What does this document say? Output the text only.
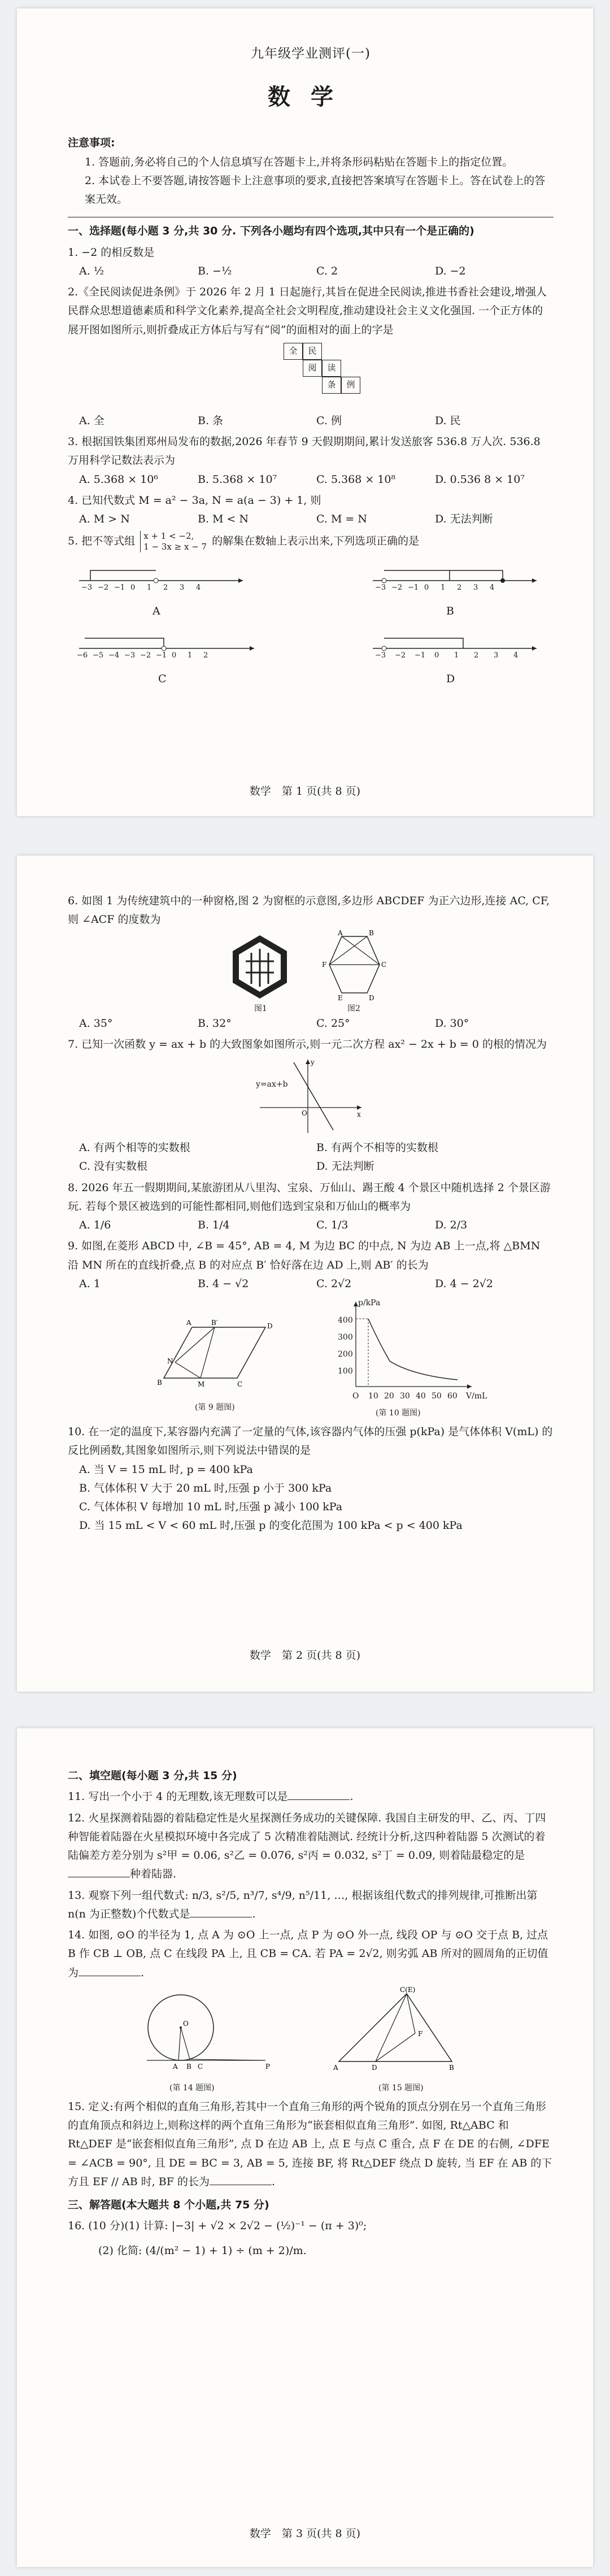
九年级学业测评(一)
数学
注意事项:
1. 答题前,务必将自己的个人信息填写在答题卡上,并将条形码粘贴在答题卡上的指定位置。
2. 本试卷上不要答题,请按答题卡上注意事项的要求,直接把答案填写在答题卡上。答在试卷上的答案无效。
一、选择题(每小题 3 分,共 30 分. 下列各小题均有四个选项,其中只有一个是正确的)
1. −2 的相反数是
A. ½	B. −½	C. 2	D. −2
2.《全民阅读促进条例》于 2026 年 2 月 1 日起施行,其旨在促进全民阅读,推进书香社会建设,增强人民群众思想道德素质和科学文化素养,提高全社会文明程度,推动建设社会主义文化强国. 一个正方体的展开图如图所示,则折叠成正方体后与写有“阅”的面相对的面上的字是
全	民
阅	读
条	例
A. 全	B. 条	C. 例	D. 民
3. 根据国铁集团郑州局发布的数据,2026 年春节 9 天假期期间,累计发送旅客 536.8 万人次. 536.8 万用科学记数法表示为
A. 5.368 × 10⁶	B. 5.368 × 10⁷	C. 5.368 × 10⁸	D. 0.536 8 × 10⁷
4. 已知代数式 M = a² − 3a, N = a(a − 3) + 1, 则
A. M > N	B. M < N	C. M = N	D. 无法判断
5. 把不等式组 x + 1 < −2,
1 − 3x ≥ x − 7 的解集在数轴上表示出来,下列选项正确的是
−3 −2 −1 0 1 2 3 4	−3 −2 −1 0 1 2 3 4
−6 −5 −4 −3 −2 −1 0 1 2	−3 −2 −1 0 1 2 3 4
A	B
C	D
数学　第 1 页(共 8 页)
6. 如图 1 为传统建筑中的一种窗格,图 2 为窗框的示意图,多边形 ABCDEF 为正六边形,连接 AC, CF, 则 ∠ACF 的度数为
图1
A	B
C
D
E
F
图2
A. 35°	B. 32°	C. 25°	D. 30°
7. 已知一次函数 y = ax + b 的大致图象如图所示,则一元二次方程 ax² − 2x + b = 0 的根的情况为
O
y
x
y=ax+b
A. 有两个相等的实数根	B. 有两个不相等的实数根
C. 没有实数根	D. 无法判断
8. 2026 年五一假期期间,某旅游团从八里沟、宝泉、万仙山、踢王酸 4 个景区中随机选择 2 个景区游玩. 若每个景区被选到的可能性都相同,则他们选到宝泉和万仙山的概率为
A. 1/6	B. 1/4	C. 1/3	D. 2/3
9. 如图,在菱形 ABCD 中, ∠B = 45°, AB = 4, M 为边 BC 的中点, N 为边 AB 上一点,将 △BMN 沿 MN 所在的直线折叠,点 B 的对应点 B′ 恰好落在边 AD 上,则 AB′ 的长为
A. 1	B. 4 − √2	C. 2√2	D. 4 − 2√2
B	M	C
D
A	B′
N
(第 9 题图)
p/kPa
V/mL
400
300
200
100
O 10 20 30 40 50 60
(第 10 题图)
10. 在一定的温度下,某容器内充满了一定量的气体,该容器内气体的压强 p(kPa) 是气体体积 V(mL) 的反比例函数,其图象如图所示,则下列说法中错误的是
A. 当 V = 15 mL 时, p = 400 kPa
B. 气体体积 V 大于 20 mL 时,压强 p 小于 300 kPa
C. 气体体积 V 每增加 10 mL 时,压强 p 减小 100 kPa
D. 当 15 mL < V < 60 mL 时,压强 p 的变化范围为 100 kPa < p < 400 kPa
数学　第 2 页(共 8 页)
二、填空题(每小题 3 分,共 15 分)
11. 写出一个小于 4 的无理数,该无理数可以是	.
12. 火星探测着陆器的着陆稳定性是火星探测任务成功的关键保障. 我国自主研发的甲、乙、丙、丁四种智能着陆器在火星模拟环境中各完成了 5 次精准着陆测试. 经统计分析,这四种着陆器 5 次测试的着陆偏差方差分别为 s²甲 = 0.06, s²乙 = 0.076, s²丙 = 0.032, s²丁 = 0.09, 则着陆最稳定的是种着陆器.
13. 观察下列一组代数式: n/3, s²/5, n³/7, s⁴/9, n⁵/11, …, 根据该组代数式的排列规律,可推断出第 n(n 为正整数)个代数式是	.
14. 如图, ⊙O 的半径为 1, 点 A 为 ⊙O 上一点, 点 P 为 ⊙O 外一点, 线段 OP 与 ⊙O 交于点 B, 过点 B 作 CB ⊥ OB, 点 C 在线段 PA 上, 且 CB = CA. 若 PA = 2√2, 则劣弧 AB 所对的圆周角的正切值为	.
O
A B C	P
(第 14 题图)
A	D	B
F
C(E)
(第 15 题图)
15. 定义:有两个相似的直角三角形,若其中一个直角三角形的两个锐角的顶点分别在另一个直角三角形的直角顶点和斜边上,则称这样的两个直角三角形为“嵌套相似直角三角形”. 如图, Rt△ABC 和 Rt△DEF 是“嵌套相似直角三角形”, 点 D 在边 AB 上, 点 E 与点 C 重合, 点 F 在 DE 的右侧, ∠DFE = ∠ACB = 90°, 且 DE = BC = 3, AB = 5, 连接 BF, 将 Rt△DEF 绕点 D 旋转, 当 EF 在 AB 的下方且 EF // AB 时, BF 的长为	.
三、解答题(本大题共 8 个小题,共 75 分)
16. (10 分)(1) 计算: |−3| + √2 × 2√2 − (½)⁻¹ − (π + 3)⁰;
(2) 化简: (4/(m² − 1) + 1) ÷ (m + 2)/m.
数学　第 3 页(共 8 页)
